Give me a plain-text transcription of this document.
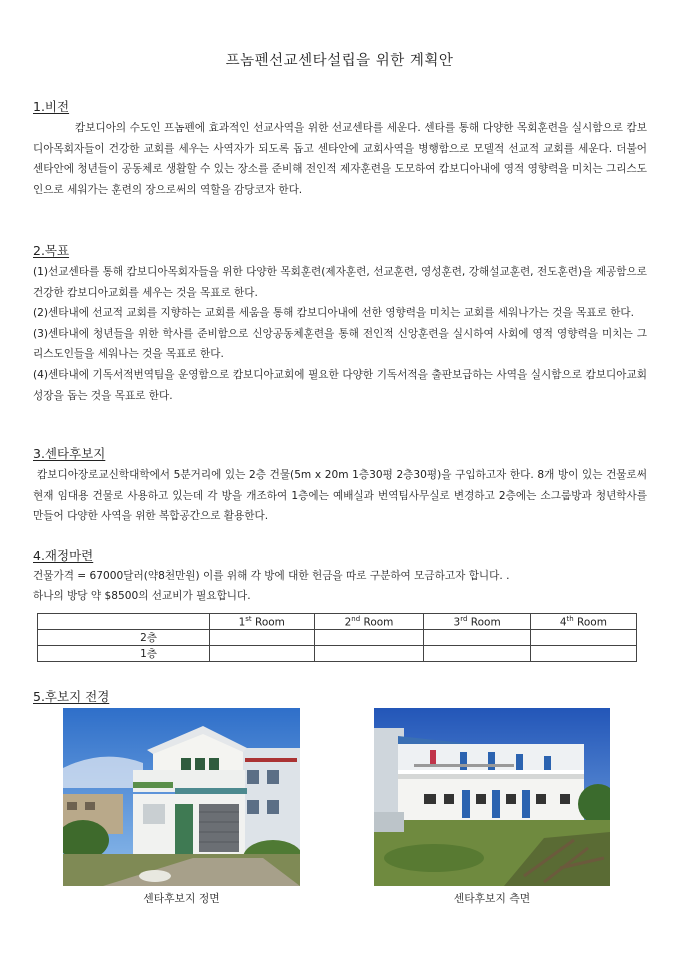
프놈펜선교센타설립을 위한 계획안
1.비전

캄보디아의 수도인 프놈펜에 효과적인 선교사역을 위한 선교센타를 세운다. 센타를 통해 다양한 목회훈련을 실시함으로 캄보디아목회자들이 건강한 교회를 세우는 사역자가 되도록 돕고 센타안에 교회사역을 병행함으로 모델적 선교적 교회를 세운다. 더불어 센타안에 청년들이 공동체로 생활할 수 있는 장소를 준비해 전인적 제자훈련을 도모하여 캄보디아내에 영적 영향력을 미치는 그리스도인으로 세워가는 훈련의 장으로써의 역할을 감당코자 한다.

2.목표

(1)선교센타를 통해 캄보디아목회자들을 위한 다양한 목회훈련(제자훈련, 선교훈련, 영성훈련, 강해설교훈련, 전도훈련)을 제공함으로 건강한 캄보디아교회를 세우는 것을 목표로 한다.

(2)센타내에 선교적 교회를 지향하는 교회를 세움을 통해 캄보디아내에 선한 영향력을 미치는 교회를 세워나가는 것을 목표로 한다.

(3)센타내에 청년들을 위한 학사를 준비함으로 신앙공동체훈련을 통해 전인적 신앙훈련을 실시하여 사회에 영적 영향력을 미치는 그리스도인들을 세워나는 것을 목표로 한다.

(4)센타내에 기독서적번역팀을 운영함으로 캄보디아교회에 필요한 다양한 기독서적을 출판보급하는 사역을 실시함으로 캄보디아교회성장을 돕는 것을 목표로 한다.

3.센타후보지

캄보디아장로교신학대학에서 5분거리에 있는 2층 건물(5m x 20m 1층30평 2층30평)을 구입하고자 한다. 8개 방이 있는 건물로써 현재 임대용 건물로 사용하고 있는데 각 방을 개조하여 1층에는 예배실과 번역팀사무실로 변경하고 2층에는 소그룹방과 청년학사를 만들어 다양한 사역을 위한 복합공간으로 활용한다.

4.재정마련

건물가격 = 67000달러(약8천만원) 이를 위해 각 방에 대한 헌금을 따로 구분하여 모금하고자 합니다. .

하나의 방당 약 $8500의 선교비가 필요합니다.

	1st Room	2nd Room	3rd Room	4th Room
2층				
1층				
5.후보지 전경
센타후보지 정면	센타후보지 측면
